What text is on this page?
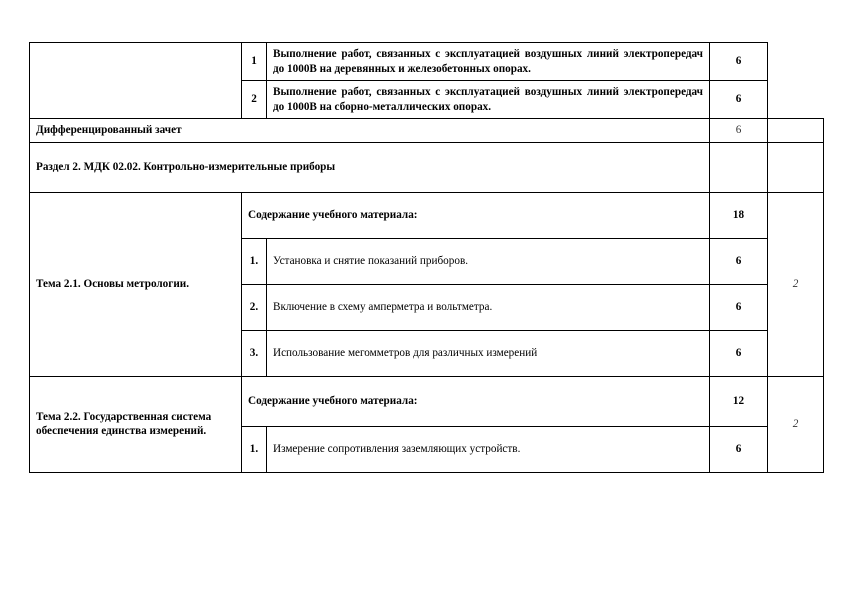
	1	Выполнение работ, связанных с эксплуатацией воздушных линий электропередач до 1000В на деревянных и железобетонных опорах.	6	
	2	Выполнение работ, связанных с эксплуатацией воздушных линий электропередач до 1000В на сборно-металлических опорах.	6	
Дифференцированный зачет			6	
Раздел 2. МДК 02.02. Контрольно-измерительные приборы				
Тема 2.1. Основы метрологии.	Содержание учебного материала:		18	2
	1.	Установка и снятие показаний приборов.	6	
	2.	Включение в схему амперметра и вольтметра.	6	
	3.	Использование мегомметров для различных измерений	6	
Тема 2.2. Государственная система обеспечения единства измерений.	Содержание учебного материала:		12	2
	1.	Измерение сопротивления заземляющих устройств.	6	
